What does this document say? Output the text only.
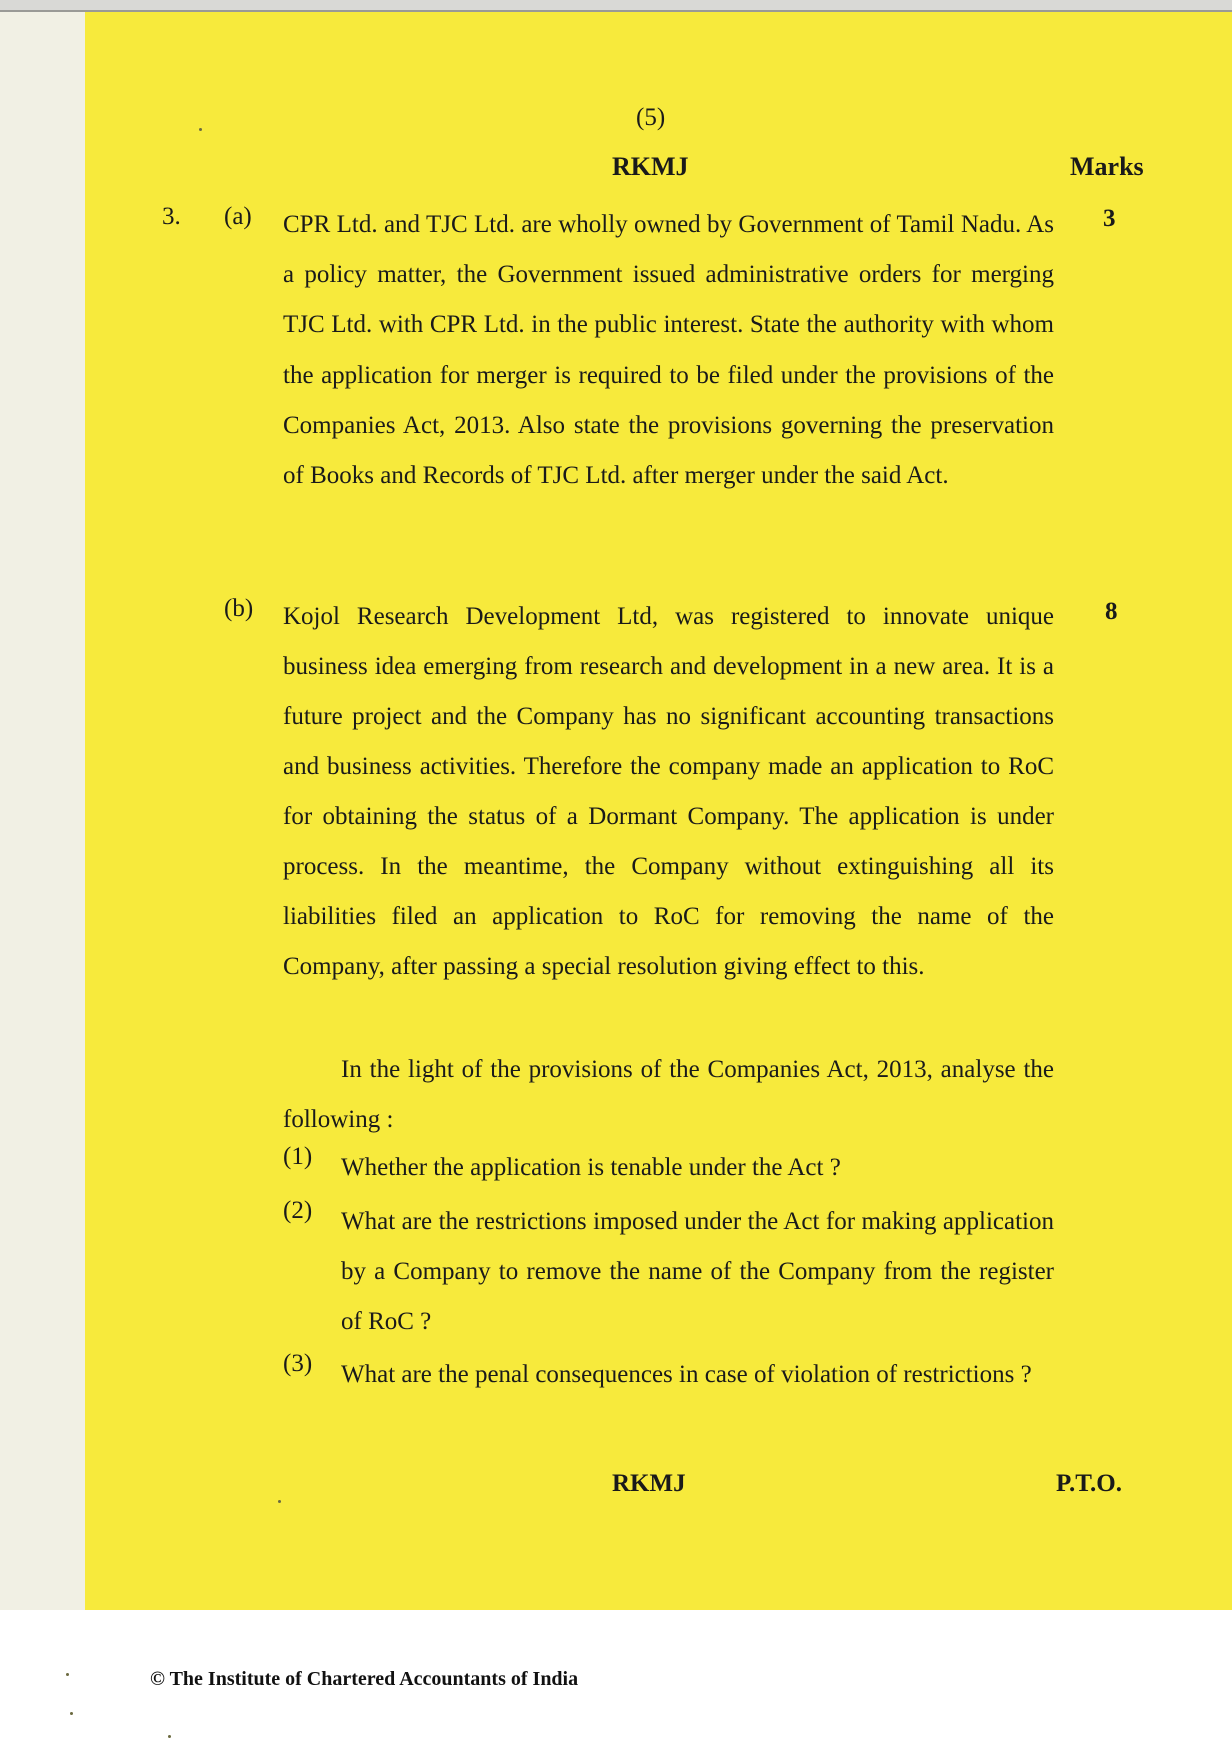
(5)
RKMJ	Marks
3. (a) CPR Ltd. and TJC Ltd. are wholly owned by Government of Tamil Nadu. As a policy matter, the Government issued administrative orders for merging TJC Ltd. with CPR Ltd. in the public interest. State the authority with whom the application for merger is required to be filed under the provisions of the Companies Act, 2013. Also state the provisions governing the preservation of Books and Records of TJC Ltd. after merger under the said Act.
3
(b) Kojol Research Development Ltd, was registered to innovate unique business idea emerging from research and development in a new area. It is a future project and the Company has no significant accounting transactions and business activities. Therefore the company made an application to RoC for obtaining the status of a Dormant Company. The application is under process. In the meantime, the Company without extinguishing all its liabilities filed an application to RoC for removing the name of the Company, after passing a special resolution giving effect to this.
8
In the light of the provisions of the Companies Act, 2013, analyse the following :
(1) Whether the application is tenable under the Act ?
(2) What are the restrictions imposed under the Act for making application by a Company to remove the name of the Company from the register of RoC ?
(3) What are the penal consequences in case of violation of restrictions ?
RKMJ	P.T.O.
© The Institute of Chartered Accountants of India
